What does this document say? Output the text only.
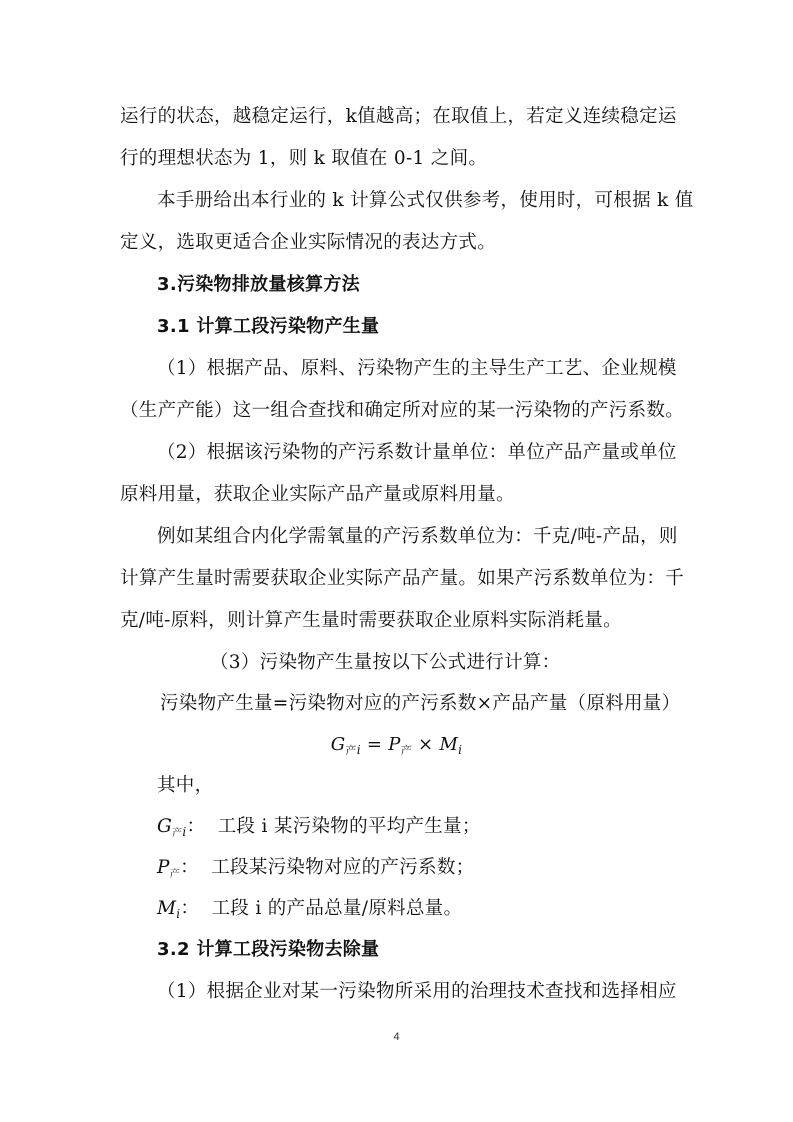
运行的状态，越稳定运行，k值越高；在取值上，若定义连续稳定运
行的理想状态为 1，则 k 取值在 0-1 之间。
本手册给出本行业的 k 计算公式仅供参考，使用时，可根据 k 值
定义，选取更适合企业实际情况的表达方式。
3.污染物排放量核算方法
3.1 计算工段污染物产生量
（1）根据产品、原料、污染物产生的主导生产工艺、企业规模
（生产产能）这一组合查找和确定所对应的某一污染物的产污系数。
（2）根据该污染物的产污系数计量单位：单位产品产量或单位
原料用量，获取企业实际产品产量或原料用量。
例如某组合内化学需氧量的产污系数单位为：千克/吨-产品，则
计算产生量时需要获取企业实际产品产量。如果产污系数单位为：千
克/吨-原料，则计算产生量时需要获取企业原料实际消耗量。
（3）污染物产生量按以下公式进行计算：
污染物产生量=污染物对应的产污系数×产品产量（原料用量）
$G_{产i} = P_产 \times M_i$
其中，
$G_{产i}$：  工段 i 某污染物的平均产生量；
$P_产$：  工段某污染物对应的产污系数；
$M_i$：  工段 i 的产品总量/原料总量。
3.2 计算工段污染物去除量
（1）根据企业对某一污染物所采用的治理技术查找和选择相应
4
